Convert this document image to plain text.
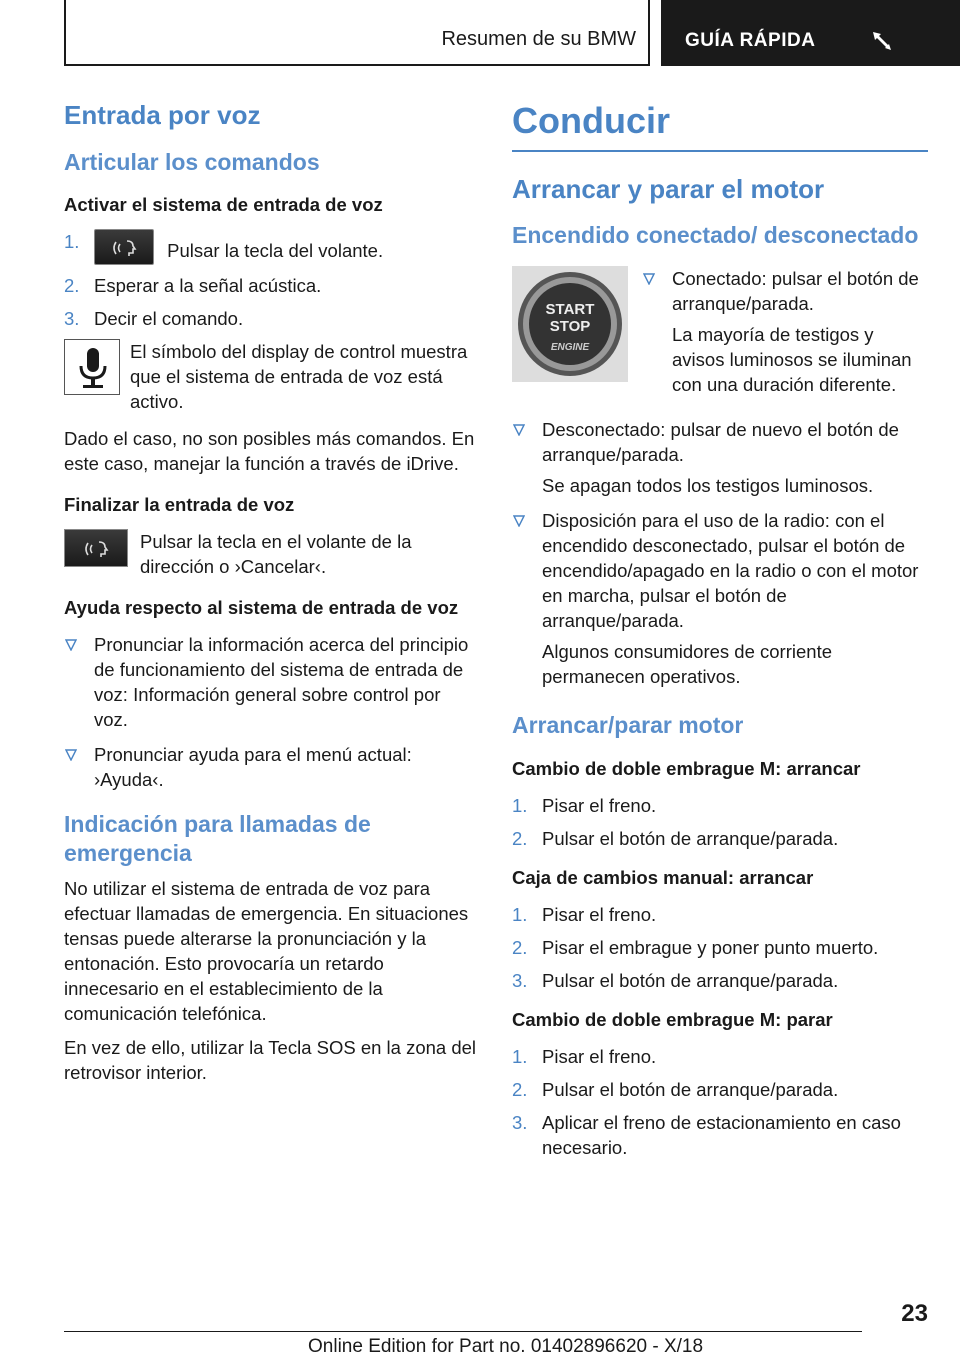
Resumen de su BMW	GUÍA RÁPIDA
Entrada por voz
Articular los comandos
Activar el sistema de entrada de voz
1.	Pulsar la tecla del volante.
2. Esperar a la señal acústica.
3. Decir el comando.
El símbolo del display de control muestra que el sistema de entrada de voz está activo.
Dado el caso, no son posibles más comandos. En este caso, manejar la función a través de iDrive.
Finalizar la entrada de voz
Pulsar la tecla en el volante de la dirección o ›Cancelar‹.
Ayuda respecto al sistema de entrada de voz
Pronunciar la información acerca del principio de funcionamiento del sistema de entrada de voz: Información general sobre control por voz.
Pronunciar ayuda para el menú actual: ›Ayuda‹.
Indicación para llamadas de emergencia
No utilizar el sistema de entrada de voz para efectuar llamadas de emergencia. En situaciones tensas puede alterarse la pronunciación y la entonación. Esto provocaría un retardo innecesario en el establecimiento de la comunicación telefónica.
En vez de ello, utilizar la Tecla SOS en la zona del retrovisor interior.
Conducir
Arrancar y parar el motor
Encendido conectado/ desconectado
START
STOP
ENGINE
Conectado: pulsar el botón de arranque/parada.
La mayoría de testigos y avisos luminosos se iluminan con una duración diferente.
Desconectado: pulsar de nuevo el botón de arranque/parada.
Se apagan todos los testigos luminosos.
Disposición para el uso de la radio: con el encendido desconectado, pulsar el botón de encendido/apagado en la radio o con el motor en marcha, pulsar el botón de arranque/parada.
Algunos consumidores de corriente permanecen operativos.
Arrancar/parar motor
Cambio de doble embrague M: arrancar
1. Pisar el freno.
2. Pulsar el botón de arranque/parada.
Caja de cambios manual: arrancar
1. Pisar el freno.
2. Pisar el embrague y poner punto muerto.
3. Pulsar el botón de arranque/parada.
Cambio de doble embrague M: parar
1. Pisar el freno.
2. Pulsar el botón de arranque/parada.
3. Aplicar el freno de estacionamiento en caso necesario.
23
Online Edition for Part no. 01402896620 - X/18
